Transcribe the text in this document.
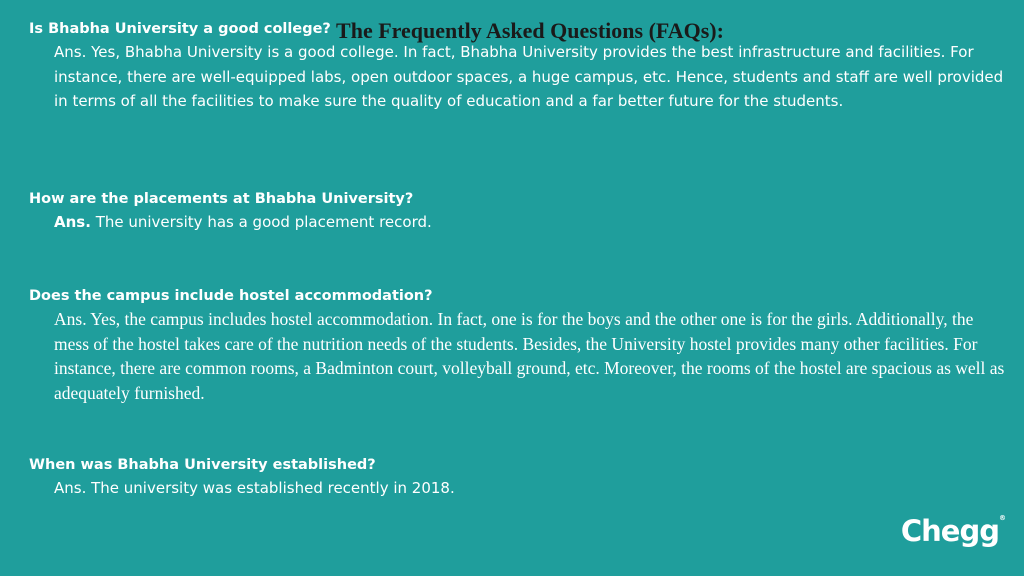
The Frequently Asked Questions (FAQs):
Is Bhabha University a good college?
Ans. Yes, Bhabha University is a good college. In fact, Bhabha University provides the best infrastructure and facilities. For instance, there are well-equipped labs, open outdoor spaces, a huge campus, etc. Hence, students and staff are well provided in terms of all the facilities to make sure the quality of education and a far better future for the students.
How are the placements at Bhabha University?
Ans. The university has a good placement record.
Does the campus include hostel accommodation?
Ans. Yes, the campus includes hostel accommodation. In fact, one is for the boys and the other one is for the girls. Additionally, the mess of the hostel takes care of the nutrition needs of the students. Besides, the University hostel provides many other facilities. For instance, there are common rooms, a Badminton court, volleyball ground, etc. Moreover, the rooms of the hostel are spacious as well as adequately furnished.
When was Bhabha University established?
Ans. The university was established recently in 2018.
Chegg®
